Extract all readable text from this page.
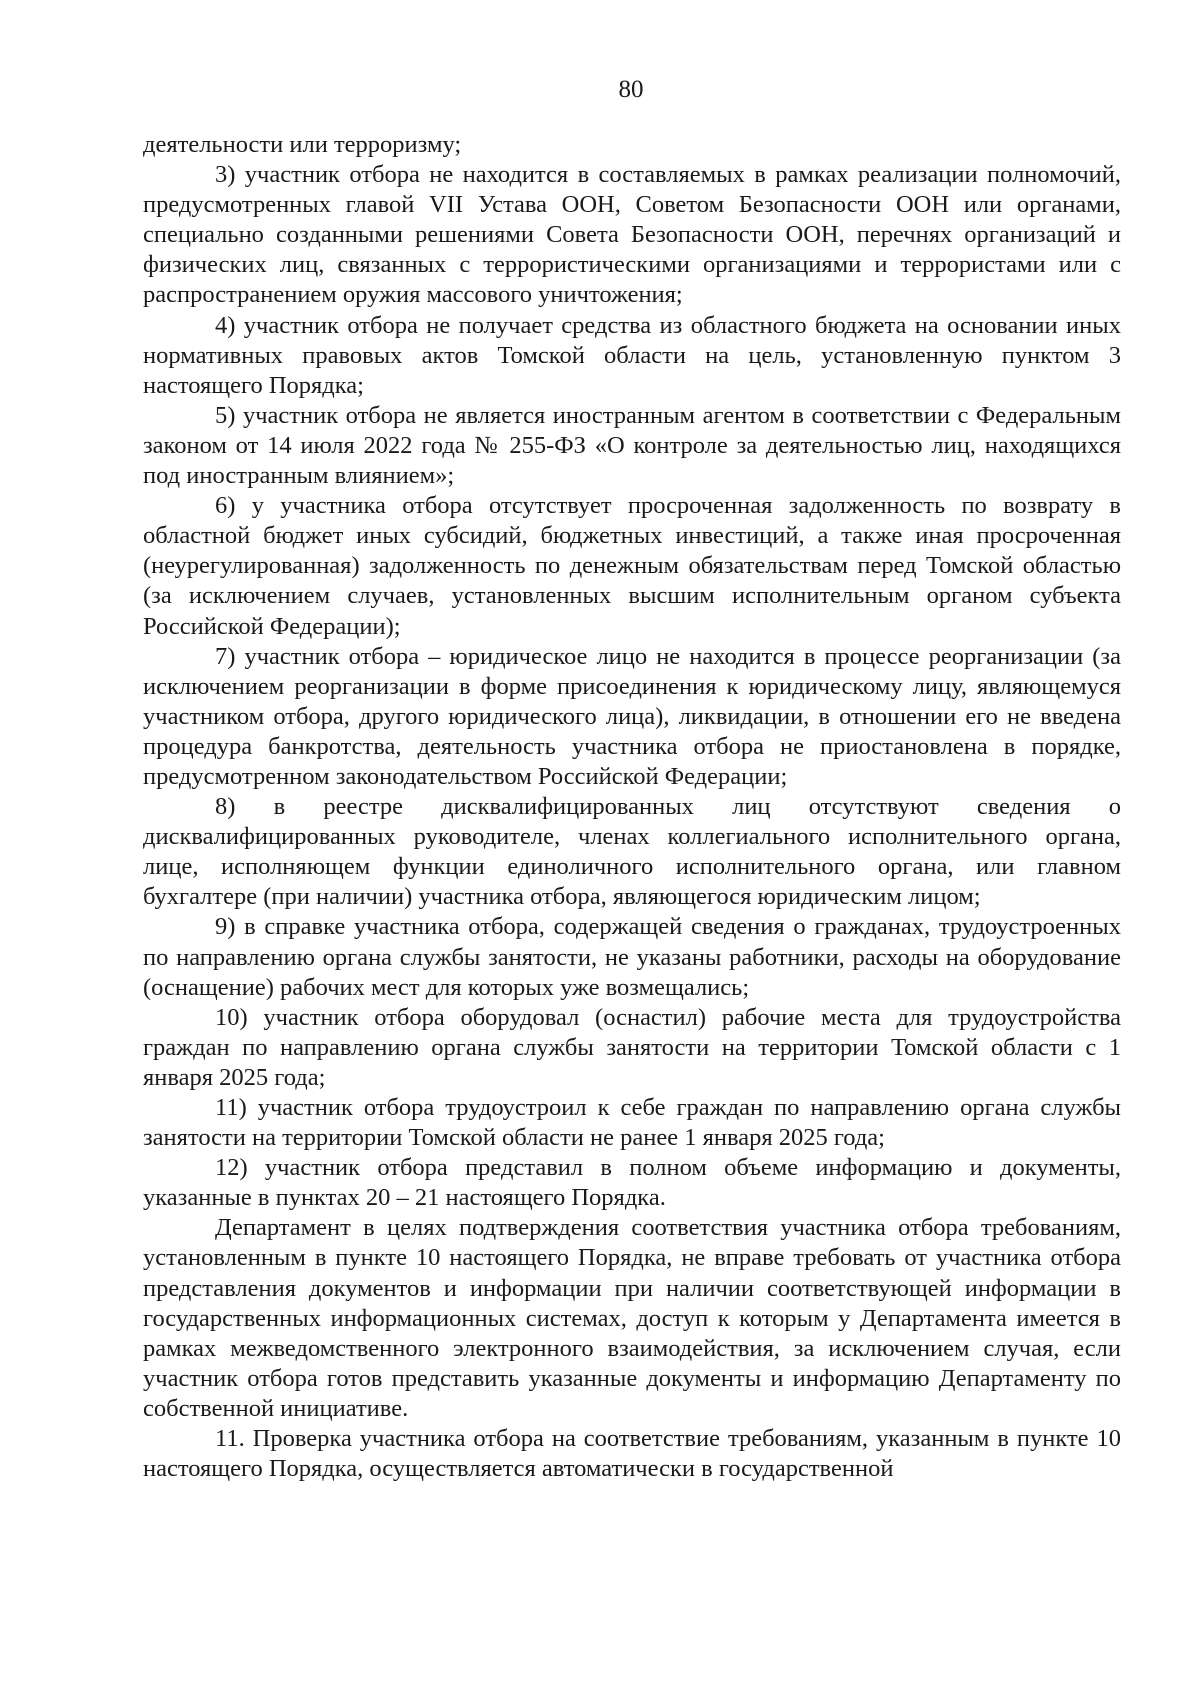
80

деятельности или терроризму;

3) участник отбора не находится в составляемых в рамках реализации полномочий, предусмотренных главой VII Устава ООН, Советом Безопасности ООН или органами, специально созданными решениями Совета Безопасности ООН, перечнях организаций и физических лиц, связанных с террористическими организациями и террористами или с распространением оружия массового уничтожения;

4) участник отбора не получает средства из областного бюджета на основании иных нормативных правовых актов Томской области на цель, установленную пунктом 3 настоящего Порядка;

5) участник отбора не является иностранным агентом в соответствии с Федеральным законом от 14 июля 2022 года № 255-ФЗ «О контроле за деятельностью лиц, находящихся под иностранным влиянием»;

6) у участника отбора отсутствует просроченная задолженность по возврату в областной бюджет иных субсидий, бюджетных инвестиций, а также иная просроченная (неурегулированная) задолженность по денежным обязательствам перед Томской областью (за исключением случаев, установленных высшим исполнительным органом субъекта Российской Федерации);

7) участник отбора – юридическое лицо не находится в процессе реорганизации (за исключением реорганизации в форме присоединения к юридическому лицу, являющемуся участником отбора, другого юридического лица), ликвидации, в отношении его не введена процедура банкротства, деятельность участника отбора не приостановлена в порядке, предусмотренном законодательством Российской Федерации;

8) в реестре дисквалифицированных лиц отсутствуют сведения о дисквалифицированных руководителе, членах коллегиального исполнительного органа, лице, исполняющем функции единоличного исполнительного органа, или главном бухгалтере (при наличии) участника отбора, являющегося юридическим лицом;

9) в справке участника отбора, содержащей сведения о гражданах, трудоустроенных по направлению органа службы занятости, не указаны работники, расходы на оборудование (оснащение) рабочих мест для которых уже возмещались;

10) участник отбора оборудовал (оснастил) рабочие места для трудоустройства граждан по направлению органа службы занятости на территории Томской области с 1 января 2025 года;

11) участник отбора трудоустроил к себе граждан по направлению органа службы занятости на территории Томской области не ранее 1 января 2025 года;

12) участник отбора представил в полном объеме информацию и документы, указанные в пунктах 20 – 21 настоящего Порядка.

Департамент в целях подтверждения соответствия участника отбора требованиям, установленным в пункте 10 настоящего Порядка, не вправе требовать от участника отбора представления документов и информации при наличии соответствующей информации в государственных информационных системах, доступ к которым у Департамента имеется в рамках межведомственного электронного взаимодействия, за исключением случая, если участник отбора готов представить указанные документы и информацию Департаменту по собственной инициативе.

11. Проверка участника отбора на соответствие требованиям, указанным в пункте 10 настоящего Порядка, осуществляется автоматически в государственной
